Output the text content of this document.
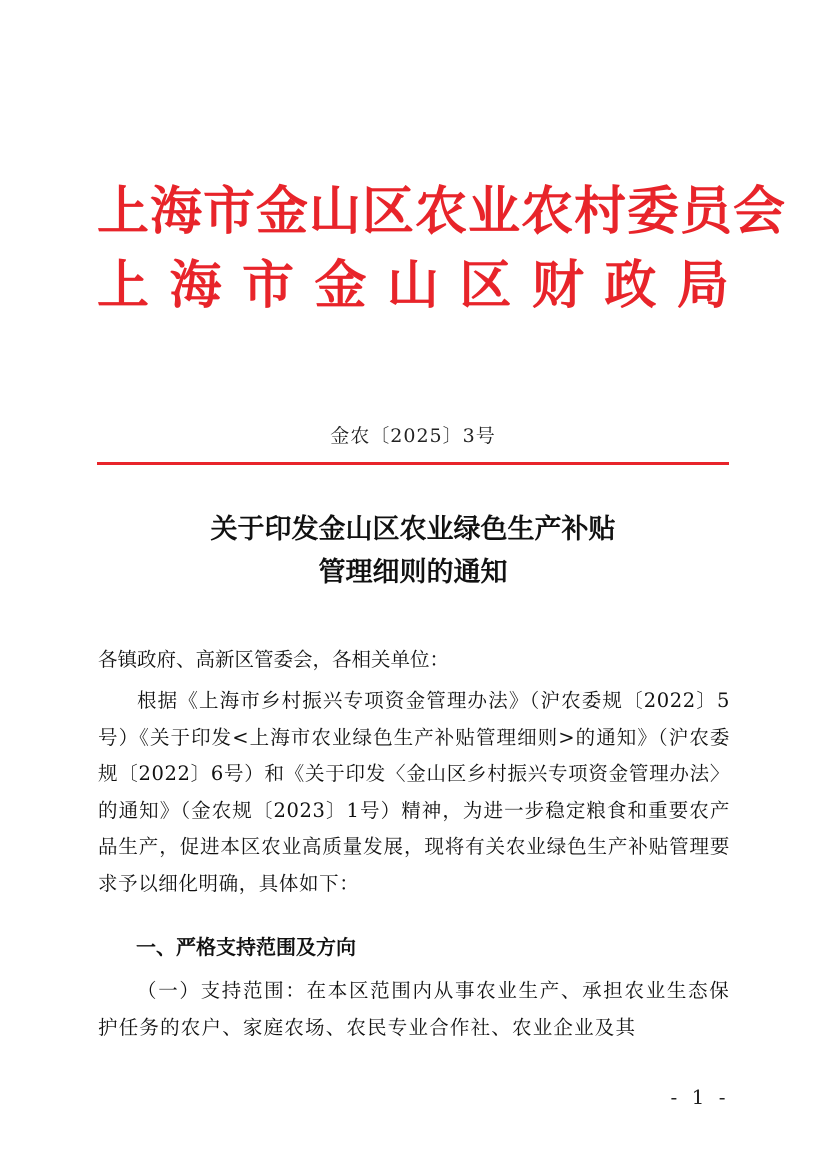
上海市金山区农业农村委员会
上 海 市 金 山 区 财 政 局
金农〔2025〕3号
关于印发金山区农业绿色生产补贴
管理细则的通知
各镇政府、高新区管委会，各相关单位：
根据《上海市乡村振兴专项资金管理办法》（沪农委规〔2022〕5号）《关于印发<上海市农业绿色生产补贴管理细则>的通知》（沪农委规〔2022〕6号）和《关于印发〈金山区乡村振兴专项资金管理办法〉的通知》（金农规〔2023〕1号）精神，为进一步稳定粮食和重要农产品生产，促进本区农业高质量发展，现将有关农业绿色生产补贴管理要求予以细化明确，具体如下：
一、严格支持范围及方向
（一）支持范围：在本区范围内从事农业生产、承担农业生态保护任务的农户、家庭农场、农民专业合作社、农业企业及其
- 1 -
